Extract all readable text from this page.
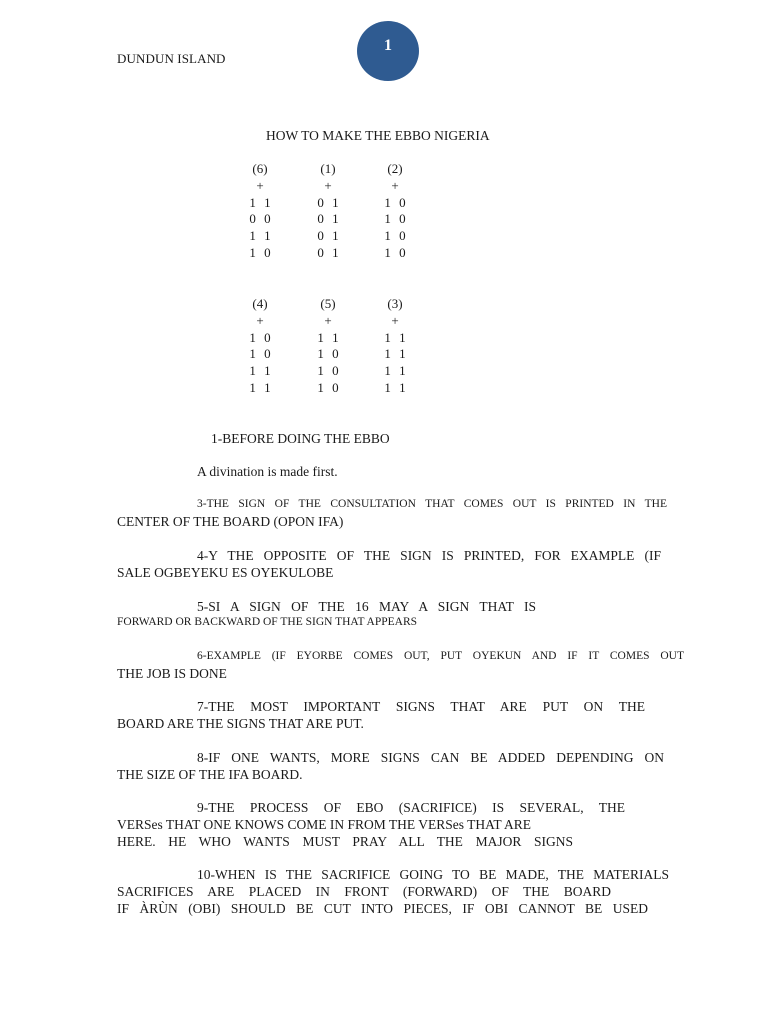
DUNDUN ISLAND
1
HOW TO MAKE THE EBBO NIGERIA
(6)
+
1 1
0 0
1 1
1 0
(1)
+
0 1
0 1
0 1
0 1
(2)
+
1 0
1 0
1 0
1 0
(4)
+
1 0
1 0
1 1
1 1
(5)
+
1 1
1 0
1 0
1 0
(3)
+
1 1
1 1
1 1
1 1
1-BEFORE DOING THE EBBO
A divination is made first.
3-THE SIGN OF THE CONSULTATION THAT COMES OUT IS PRINTED IN THE
CENTER OF THE BOARD (OPON IFA)
4-Y THE OPPOSITE OF THE SIGN IS PRINTED, FOR EXAMPLE (IF
SALE OGBEYEKU ES OYEKULOBE
5-SI A SIGN OF THE 16 MAY A SIGN THAT IS
FORWARD OR BACKWARD OF THE SIGN THAT APPEARS
6-EXAMPLE (IF EYORBE COMES OUT, PUT OYEKUN AND IF IT COMES OUT
THE JOB IS DONE
7-THE MOST IMPORTANT SIGNS THAT ARE PUT ON THE
BOARD ARE THE SIGNS THAT ARE PUT.
8-IF ONE WANTS, MORE SIGNS CAN BE ADDED DEPENDING ON
THE SIZE OF THE IFA BOARD.
9-THE PROCESS OF EBO (SACRIFICE) IS SEVERAL, THE
VERSes THAT ONE KNOWS COME IN FROM THE VERSes THAT ARE
HERE. HE WHO WANTS MUST PRAY ALL THE MAJOR SIGNS
10-WHEN IS THE SACRIFICE GOING TO BE MADE, THE MATERIALS
SACRIFICES ARE PLACED IN FRONT (FORWARD) OF THE BOARD
IF ÀRÙN (OBI) SHOULD BE CUT INTO PIECES, IF OBI CANNOT BE USED
